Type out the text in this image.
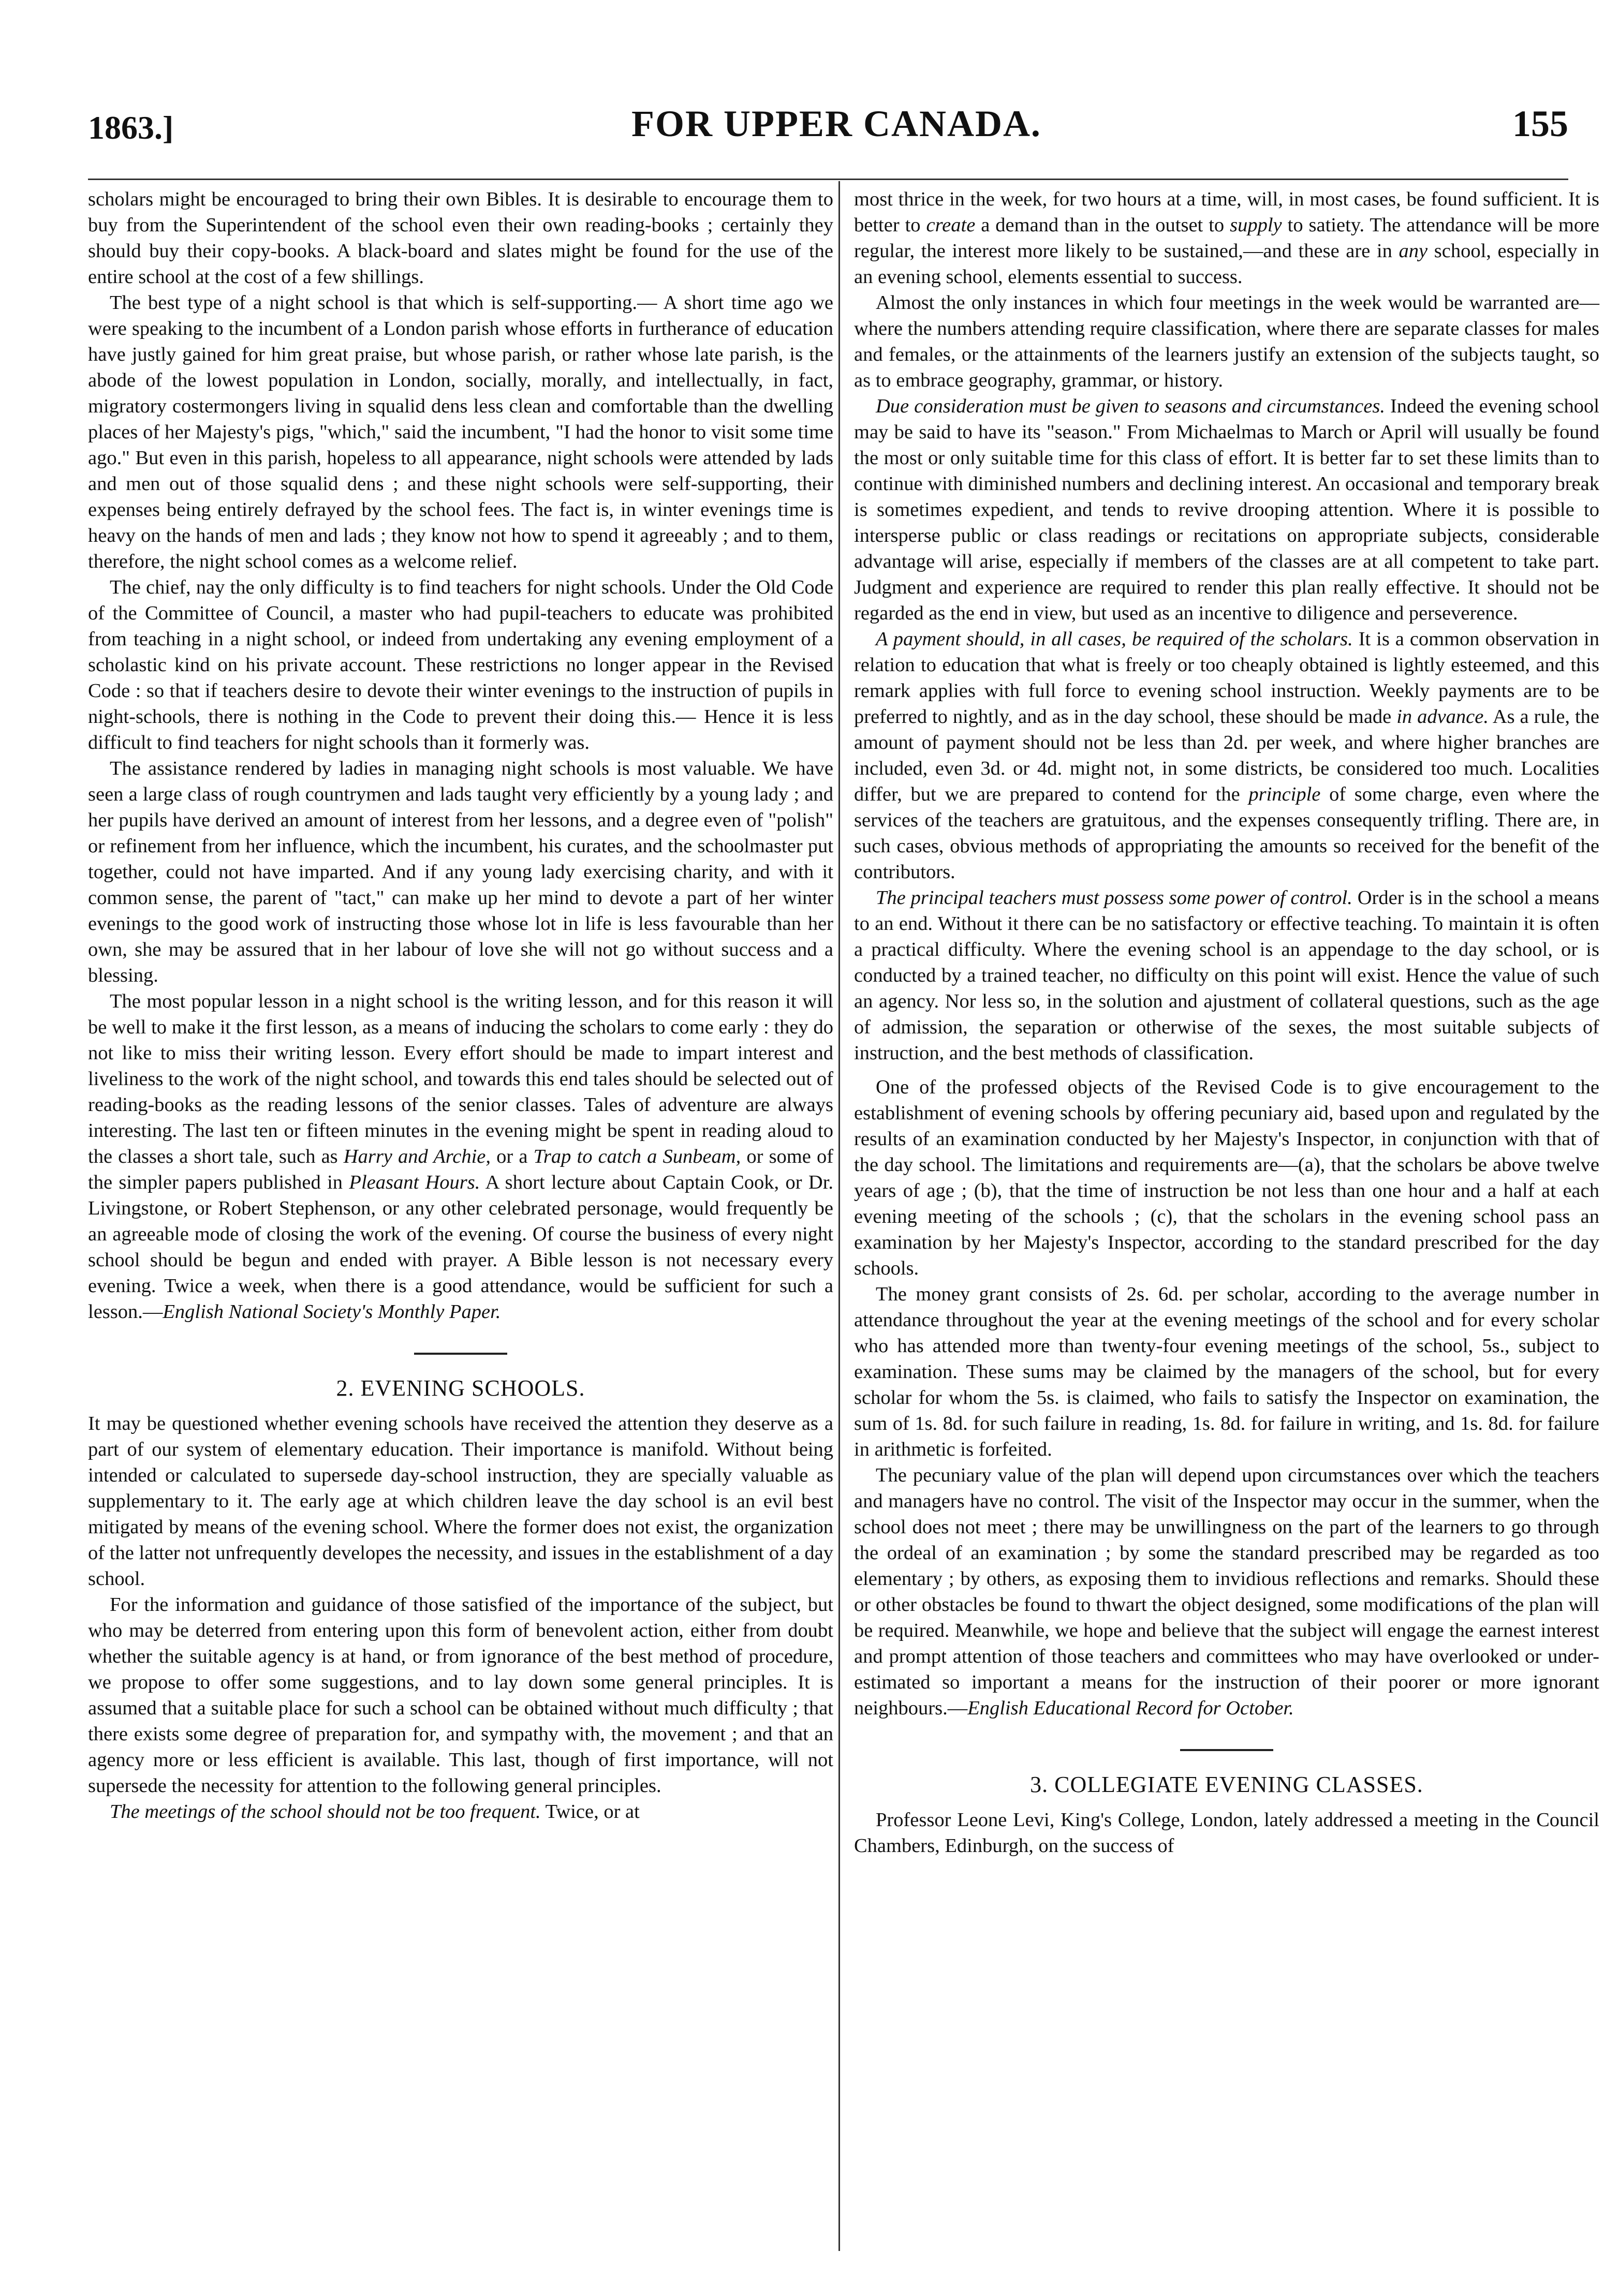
1863.]	FOR UPPER CANADA.	155

scholars might be encouraged to bring their own Bibles. It is desirable to encourage them to buy from the Superintendent of the school even their own reading-books ; certainly they should buy their copy-books. A black-board and slates might be found for the use of the entire school at the cost of a few shillings.

The best type of a night school is that which is self-supporting.— A short time ago we were speaking to the incumbent of a London parish whose efforts in furtherance of education have justly gained for him great praise, but whose parish, or rather whose late parish, is the abode of the lowest population in London, socially, morally, and intellectually, in fact, migratory costermongers living in squalid dens less clean and comfortable than the dwelling places of her Majesty's pigs, "which," said the incumbent, "I had the honor to visit some time ago." But even in this parish, hopeless to all appearance, night schools were attended by lads and men out of those squalid dens ; and these night schools were self-supporting, their expenses being entirely defrayed by the school fees. The fact is, in winter evenings time is heavy on the hands of men and lads ; they know not how to spend it agreeably ; and to them, therefore, the night school comes as a welcome relief.

The chief, nay the only difficulty is to find teachers for night schools. Under the Old Code of the Committee of Council, a master who had pupil-teachers to educate was prohibited from teaching in a night school, or indeed from undertaking any evening employment of a scholastic kind on his private account. These restrictions no longer appear in the Revised Code : so that if teachers desire to devote their winter evenings to the instruction of pupils in night-schools, there is nothing in the Code to prevent their doing this.— Hence it is less difficult to find teachers for night schools than it formerly was.

The assistance rendered by ladies in managing night schools is most valuable. We have seen a large class of rough countrymen and lads taught very efficiently by a young lady ; and her pupils have derived an amount of interest from her lessons, and a degree even of "polish" or refinement from her influence, which the incumbent, his curates, and the schoolmaster put together, could not have imparted. And if any young lady exercising charity, and with it common sense, the parent of "tact," can make up her mind to devote a part of her winter evenings to the good work of instructing those whose lot in life is less favourable than her own, she may be assured that in her labour of love she will not go without success and a blessing.

The most popular lesson in a night school is the writing lesson, and for this reason it will be well to make it the first lesson, as a means of inducing the scholars to come early : they do not like to miss their writing lesson. Every effort should be made to impart interest and liveliness to the work of the night school, and towards this end tales should be selected out of reading-books as the reading lessons of the senior classes. Tales of adventure are always interesting. The last ten or fifteen minutes in the evening might be spent in reading aloud to the classes a short tale, such as Harry and Archie, or a Trap to catch a Sunbeam, or some of the simpler papers published in Pleasant Hours. A short lecture about Captain Cook, or Dr. Livingstone, or Robert Stephenson, or any other celebrated personage, would frequently be an agreeable mode of closing the work of the evening. Of course the business of every night school should be begun and ended with prayer. A Bible lesson is not necessary every evening. Twice a week, when there is a good attendance, would be sufficient for such a lesson.—English National Society's Monthly Paper.

2. EVENING SCHOOLS.

It may be questioned whether evening schools have received the attention they deserve as a part of our system of elementary education. Their importance is manifold. Without being intended or calculated to supersede day-school instruction, they are specially valuable as supplementary to it. The early age at which children leave the day school is an evil best mitigated by means of the evening school. Where the former does not exist, the organization of the latter not unfrequently developes the necessity, and issues in the establishment of a day school.

For the information and guidance of those satisfied of the importance of the subject, but who may be deterred from entering upon this form of benevolent action, either from doubt whether the suitable agency is at hand, or from ignorance of the best method of procedure, we propose to offer some suggestions, and to lay down some general principles. It is assumed that a suitable place for such a school can be obtained without much difficulty ; that there exists some degree of preparation for, and sympathy with, the movement ; and that an agency more or less efficient is available. This last, though of first importance, will not supersede the necessity for attention to the following general principles.

The meetings of the school should not be too frequent. Twice, or at

most thrice in the week, for two hours at a time, will, in most cases, be found sufficient. It is better to create a demand than in the outset to supply to satiety. The attendance will be more regular, the interest more likely to be sustained,—and these are in any school, especially in an evening school, elements essential to success.

Almost the only instances in which four meetings in the week would be warranted are—where the numbers attending require classification, where there are separate classes for males and females, or the attainments of the learners justify an extension of the subjects taught, so as to embrace geography, grammar, or history.

Due consideration must be given to seasons and circumstances. Indeed the evening school may be said to have its "season." From Michaelmas to March or April will usually be found the most or only suitable time for this class of effort. It is better far to set these limits than to continue with diminished numbers and declining interest. An occasional and temporary break is sometimes expedient, and tends to revive drooping attention. Where it is possible to intersperse public or class readings or recitations on appropriate subjects, considerable advantage will arise, especially if members of the classes are at all competent to take part. Judgment and experience are required to render this plan really effective. It should not be regarded as the end in view, but used as an incentive to diligence and perseverence.

A payment should, in all cases, be required of the scholars. It is a common observation in relation to education that what is freely or too cheaply obtained is lightly esteemed, and this remark applies with full force to evening school instruction. Weekly payments are to be preferred to nightly, and as in the day school, these should be made in advance. As a rule, the amount of payment should not be less than 2d. per week, and where higher branches are included, even 3d. or 4d. might not, in some districts, be considered too much. Localities differ, but we are prepared to contend for the principle of some charge, even where the services of the teachers are gratuitous, and the expenses consequently trifling. There are, in such cases, obvious methods of appropriating the amounts so received for the benefit of the contributors.

The principal teachers must possess some power of control. Order is in the school a means to an end. Without it there can be no satisfactory or effective teaching. To maintain it is often a practical difficulty. Where the evening school is an appendage to the day school, or is conducted by a trained teacher, no difficulty on this point will exist. Hence the value of such an agency. Nor less so, in the solution and ajustment of collateral questions, such as the age of admission, the separation or otherwise of the sexes, the most suitable subjects of instruction, and the best methods of classification.

One of the professed objects of the Revised Code is to give encouragement to the establishment of evening schools by offering pecuniary aid, based upon and regulated by the results of an examination conducted by her Majesty's Inspector, in conjunction with that of the day school. The limitations and requirements are—(a), that the scholars be above twelve years of age ; (b), that the time of instruction be not less than one hour and a half at each evening meeting of the schools ; (c), that the scholars in the evening school pass an examination by her Majesty's Inspector, according to the standard prescribed for the day schools.

The money grant consists of 2s. 6d. per scholar, according to the average number in attendance throughout the year at the evening meetings of the school and for every scholar who has attended more than twenty-four evening meetings of the school, 5s., subject to examination. These sums may be claimed by the managers of the school, but for every scholar for whom the 5s. is claimed, who fails to satisfy the Inspector on examination, the sum of 1s. 8d. for such failure in reading, 1s. 8d. for failure in writing, and 1s. 8d. for failure in arithmetic is forfeited.

The pecuniary value of the plan will depend upon circumstances over which the teachers and managers have no control. The visit of the Inspector may occur in the summer, when the school does not meet ; there may be unwillingness on the part of the learners to go through the ordeal of an examination ; by some the standard prescribed may be regarded as too elementary ; by others, as exposing them to invidious reflections and remarks. Should these or other obstacles be found to thwart the object designed, some modifications of the plan will be required. Meanwhile, we hope and believe that the subject will engage the earnest interest and prompt attention of those teachers and committees who may have overlooked or under-estimated so important a means for the instruction of their poorer or more ignorant neighbours.—English Educational Record for October.

3. COLLEGIATE EVENING CLASSES.

Professor Leone Levi, King's College, London, lately addressed a meeting in the Council Chambers, Edinburgh, on the success of
